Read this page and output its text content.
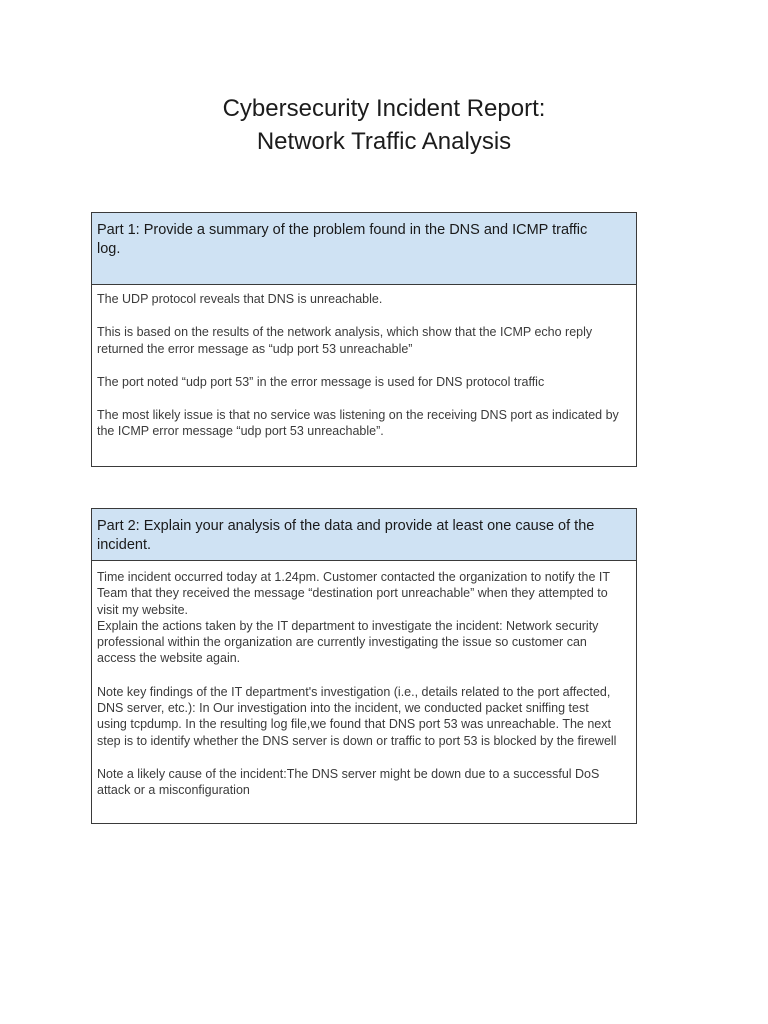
Cybersecurity Incident Report:
Network Traffic Analysis
Part 1: Provide a summary of the problem found in the DNS and ICMP traffic log.

The UDP protocol reveals that DNS is unreachable.

This is based on the results of the network analysis, which show that the ICMP echo reply returned the error message as “udp port 53 unreachable”

The port noted “udp port 53” in the error message is used for DNS protocol traffic

The most likely issue is that no service was listening on the receiving DNS port as indicated by the ICMP error message “udp port 53 unreachable”.

Part 2: Explain your analysis of the data and provide at least one cause of the incident.

Time incident occurred today at 1.24pm. Customer contacted the organization to notify the IT Team that they received the message “destination port unreachable” when they attempted to visit my website.

Explain the actions taken by the IT department to investigate the incident: Network security professional within the organization are currently investigating the issue so customer can access the website again.

Note key findings of the IT department's investigation (i.e., details related to the port affected, DNS server, etc.): In Our investigation into the incident, we conducted packet sniffing test using tcpdump. In the resulting log file,we found that DNS port 53 was unreachable. The next step is to identify whether the DNS server is down or traffic to port 53 is blocked by the firewell

Note a likely cause of the incident:The DNS server might be down due to a successful DoS attack or a misconfiguration
